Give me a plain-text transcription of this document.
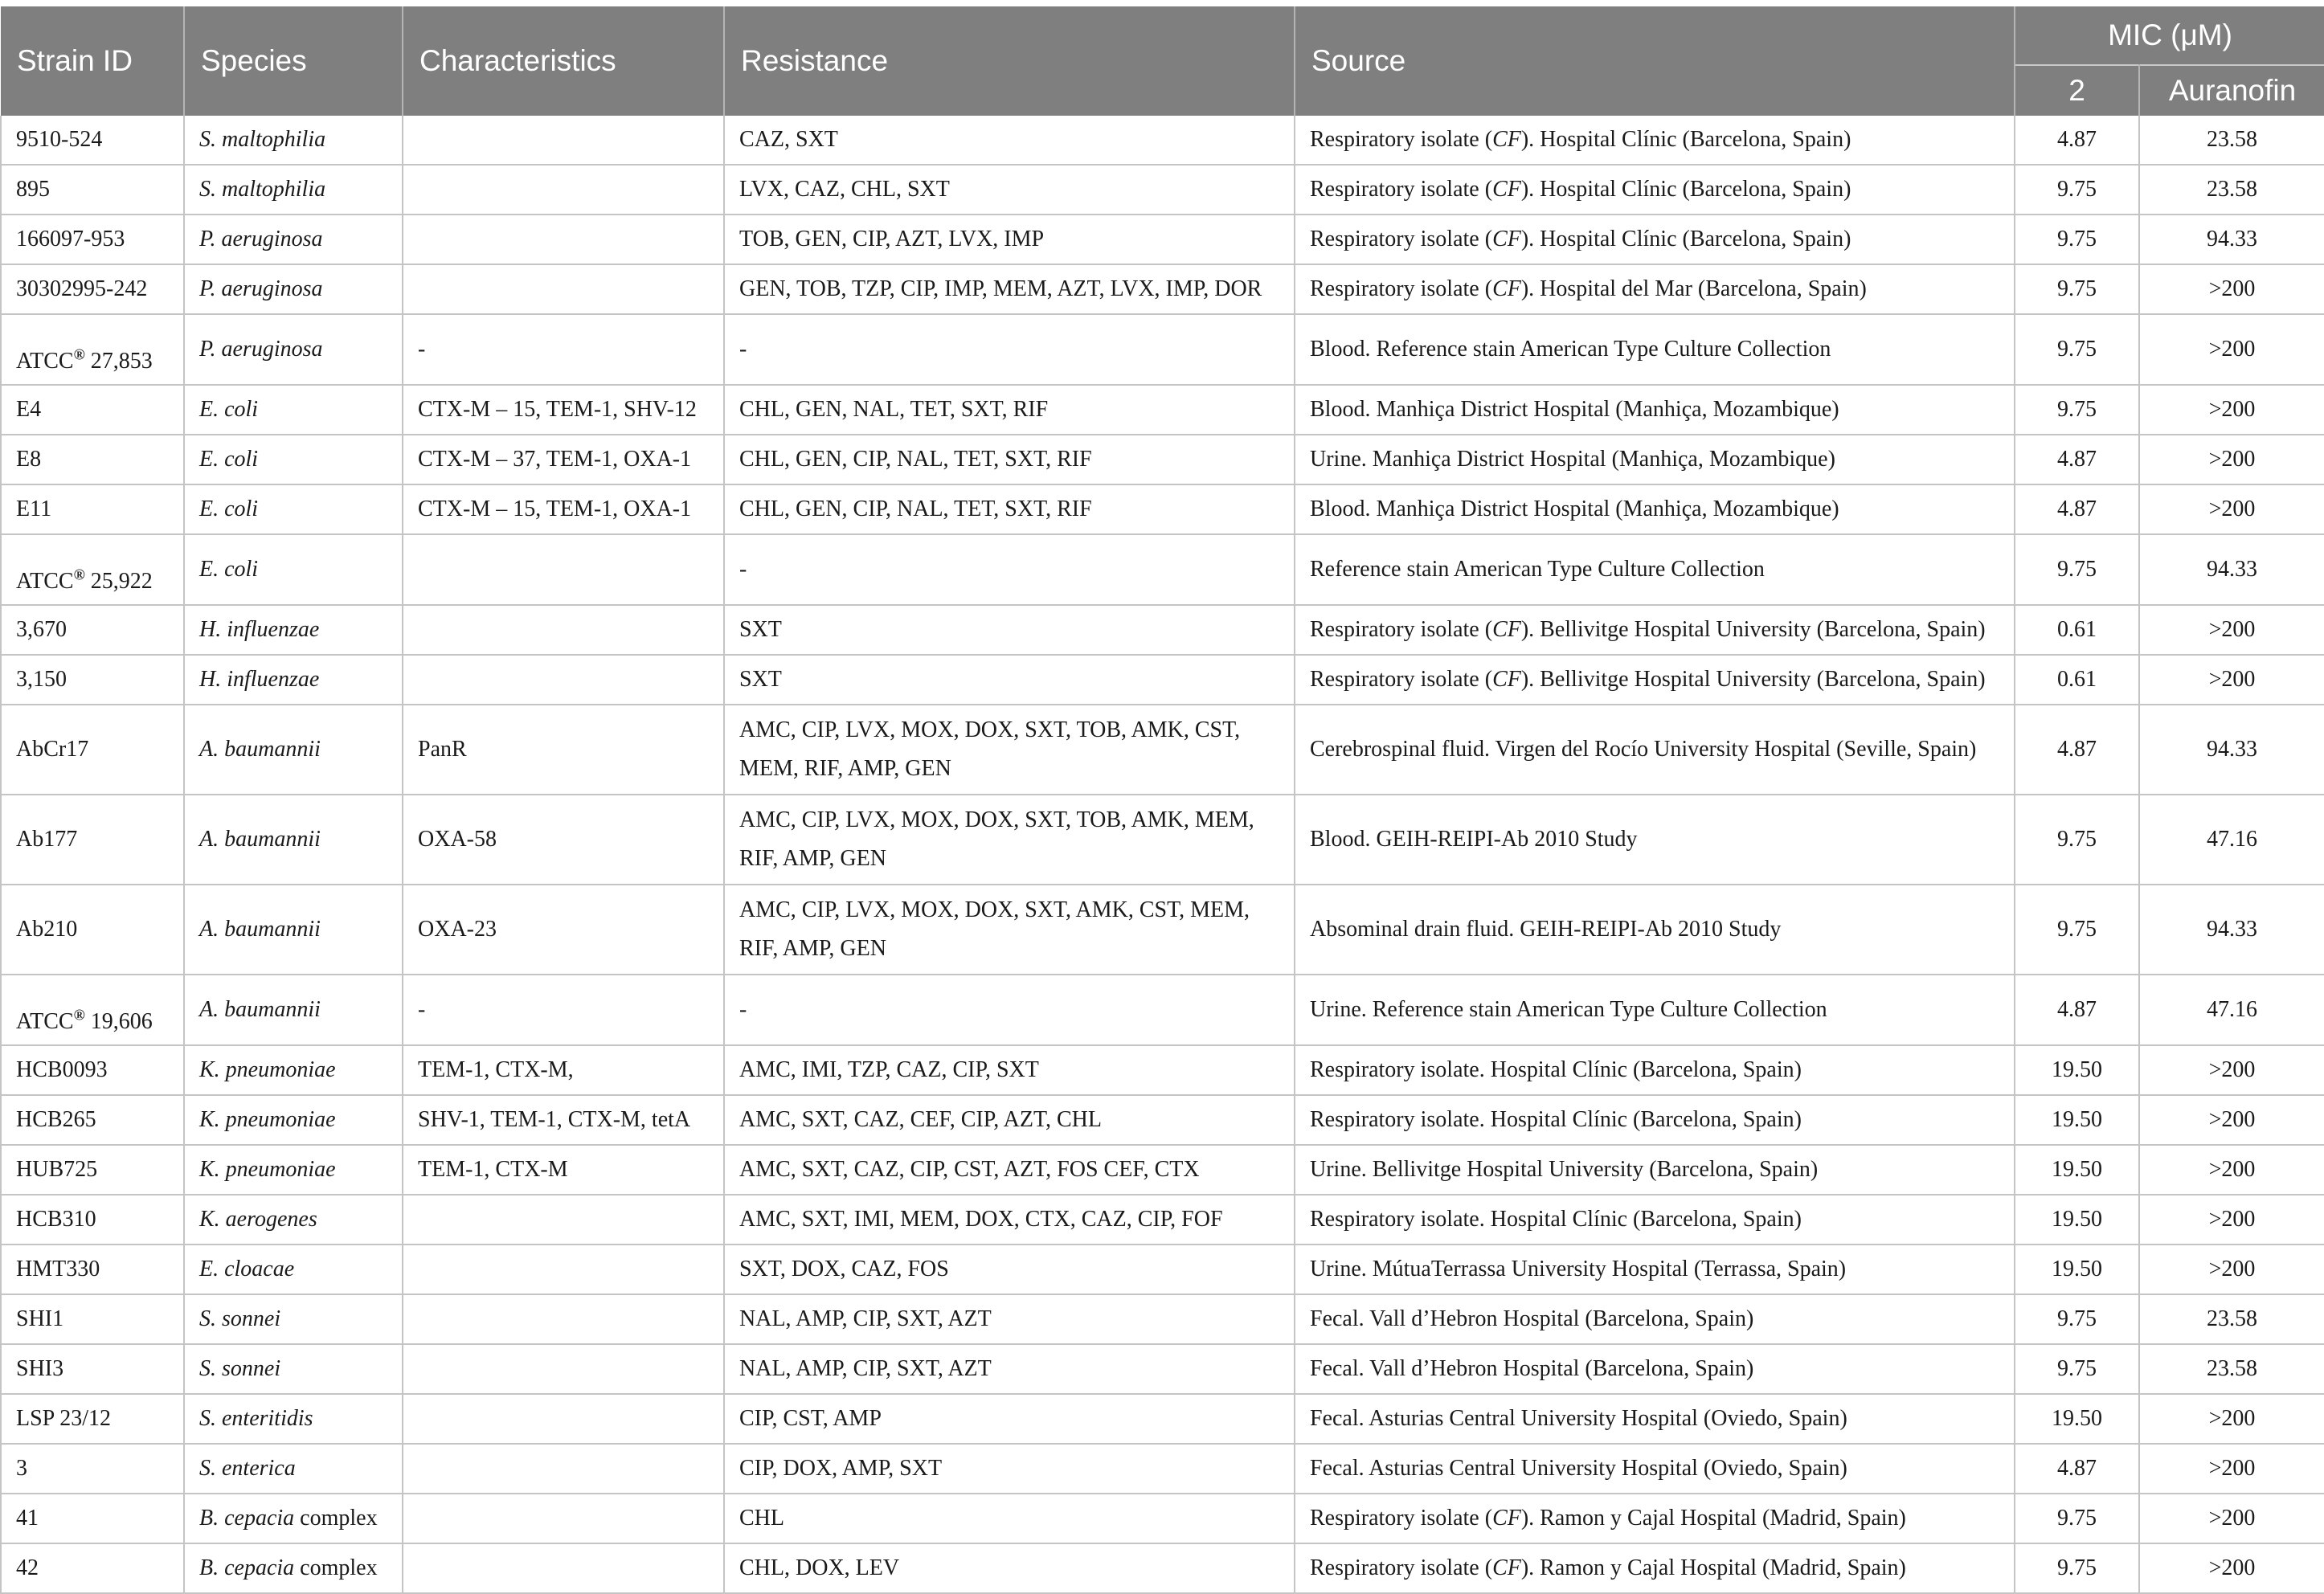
Strain ID	Species	Characteristics	Resistance	Source	MIC (μM)	
					2	Auranofin
9510-524	S. maltophilia		CAZ, SXT	Respiratory isolate (CF). Hospital Clínic (Barcelona, Spain)	4.87	23.58
895	S. maltophilia		LVX, CAZ, CHL, SXT	Respiratory isolate (CF). Hospital Clínic (Barcelona, Spain)	9.75	23.58
166097-953	P. aeruginosa		TOB, GEN, CIP, AZT, LVX, IMP	Respiratory isolate (CF). Hospital Clínic (Barcelona, Spain)	9.75	94.33
30302995-242	P. aeruginosa		GEN, TOB, TZP, CIP, IMP, MEM, AZT, LVX, IMP, DOR	Respiratory isolate (CF). Hospital del Mar (Barcelona, Spain)	9.75	>200
ATCC® 27,853	P. aeruginosa	-	-	Blood. Reference stain American Type Culture Collection	9.75	>200
E4	E. coli	CTX-M – 15, TEM-1, SHV-12	CHL, GEN, NAL, TET, SXT, RIF	Blood. Manhiça District Hospital (Manhiça, Mozambique)	9.75	>200
E8	E. coli	CTX-M – 37, TEM-1, OXA-1	CHL, GEN, CIP, NAL, TET, SXT, RIF	Urine. Manhiça District Hospital (Manhiça, Mozambique)	4.87	>200
E11	E. coli	CTX-M – 15, TEM-1, OXA-1	CHL, GEN, CIP, NAL, TET, SXT, RIF	Blood. Manhiça District Hospital (Manhiça, Mozambique)	4.87	>200
ATCC® 25,922	E. coli		-	Reference stain American Type Culture Collection	9.75	94.33
3,670	H. influenzae		SXT	Respiratory isolate (CF). Bellivitge Hospital University (Barcelona, Spain)	0.61	>200
3,150	H. influenzae		SXT	Respiratory isolate (CF). Bellivitge Hospital University (Barcelona, Spain)	0.61	>200
AbCr17	A. baumannii	PanR	AMC, CIP, LVX, MOX, DOX, SXT, TOB, AMK, CST,
MEM, RIF, AMP, GEN	Cerebrospinal fluid. Virgen del Rocío University Hospital (Seville, Spain)	4.87	94.33
Ab177	A. baumannii	OXA-58	AMC, CIP, LVX, MOX, DOX, SXT, TOB, AMK, MEM,
RIF, AMP, GEN	Blood. GEIH-REIPI-Ab 2010 Study	9.75	47.16
Ab210	A. baumannii	OXA-23	AMC, CIP, LVX, MOX, DOX, SXT, AMK, CST, MEM,
RIF, AMP, GEN	Absominal drain fluid. GEIH-REIPI-Ab 2010 Study	9.75	94.33
ATCC® 19,606	A. baumannii	-	-	Urine. Reference stain American Type Culture Collection	4.87	47.16
HCB0093	K. pneumoniae	TEM-1, CTX-M,	AMC, IMI, TZP, CAZ, CIP, SXT	Respiratory isolate. Hospital Clínic (Barcelona, Spain)	19.50	>200
HCB265	K. pneumoniae	SHV-1, TEM-1, CTX-M, tetA	AMC, SXT, CAZ, CEF, CIP, AZT, CHL	Respiratory isolate. Hospital Clínic (Barcelona, Spain)	19.50	>200
HUB725	K. pneumoniae	TEM-1, CTX-M	AMC, SXT, CAZ, CIP, CST, AZT, FOS CEF, CTX	Urine. Bellivitge Hospital University (Barcelona, Spain)	19.50	>200
HCB310	K. aerogenes		AMC, SXT, IMI, MEM, DOX, CTX, CAZ, CIP, FOF	Respiratory isolate. Hospital Clínic (Barcelona, Spain)	19.50	>200
HMT330	E. cloacae		SXT, DOX, CAZ, FOS	Urine. MútuaTerrassa University Hospital (Terrassa, Spain)	19.50	>200
SHI1	S. sonnei		NAL, AMP, CIP, SXT, AZT	Fecal. Vall d’Hebron Hospital (Barcelona, Spain)	9.75	23.58
SHI3	S. sonnei		NAL, AMP, CIP, SXT, AZT	Fecal. Vall d’Hebron Hospital (Barcelona, Spain)	9.75	23.58
LSP 23/12	S. enteritidis		CIP, CST, AMP	Fecal. Asturias Central University Hospital (Oviedo, Spain)	19.50	>200
3	S. enterica		CIP, DOX, AMP, SXT	Fecal. Asturias Central University Hospital (Oviedo, Spain)	4.87	>200
41	B. cepacia complex		CHL	Respiratory isolate (CF). Ramon y Cajal Hospital (Madrid, Spain)	9.75	>200
42	B. cepacia complex		CHL, DOX, LEV	Respiratory isolate (CF). Ramon y Cajal Hospital (Madrid, Spain)	9.75	>200
